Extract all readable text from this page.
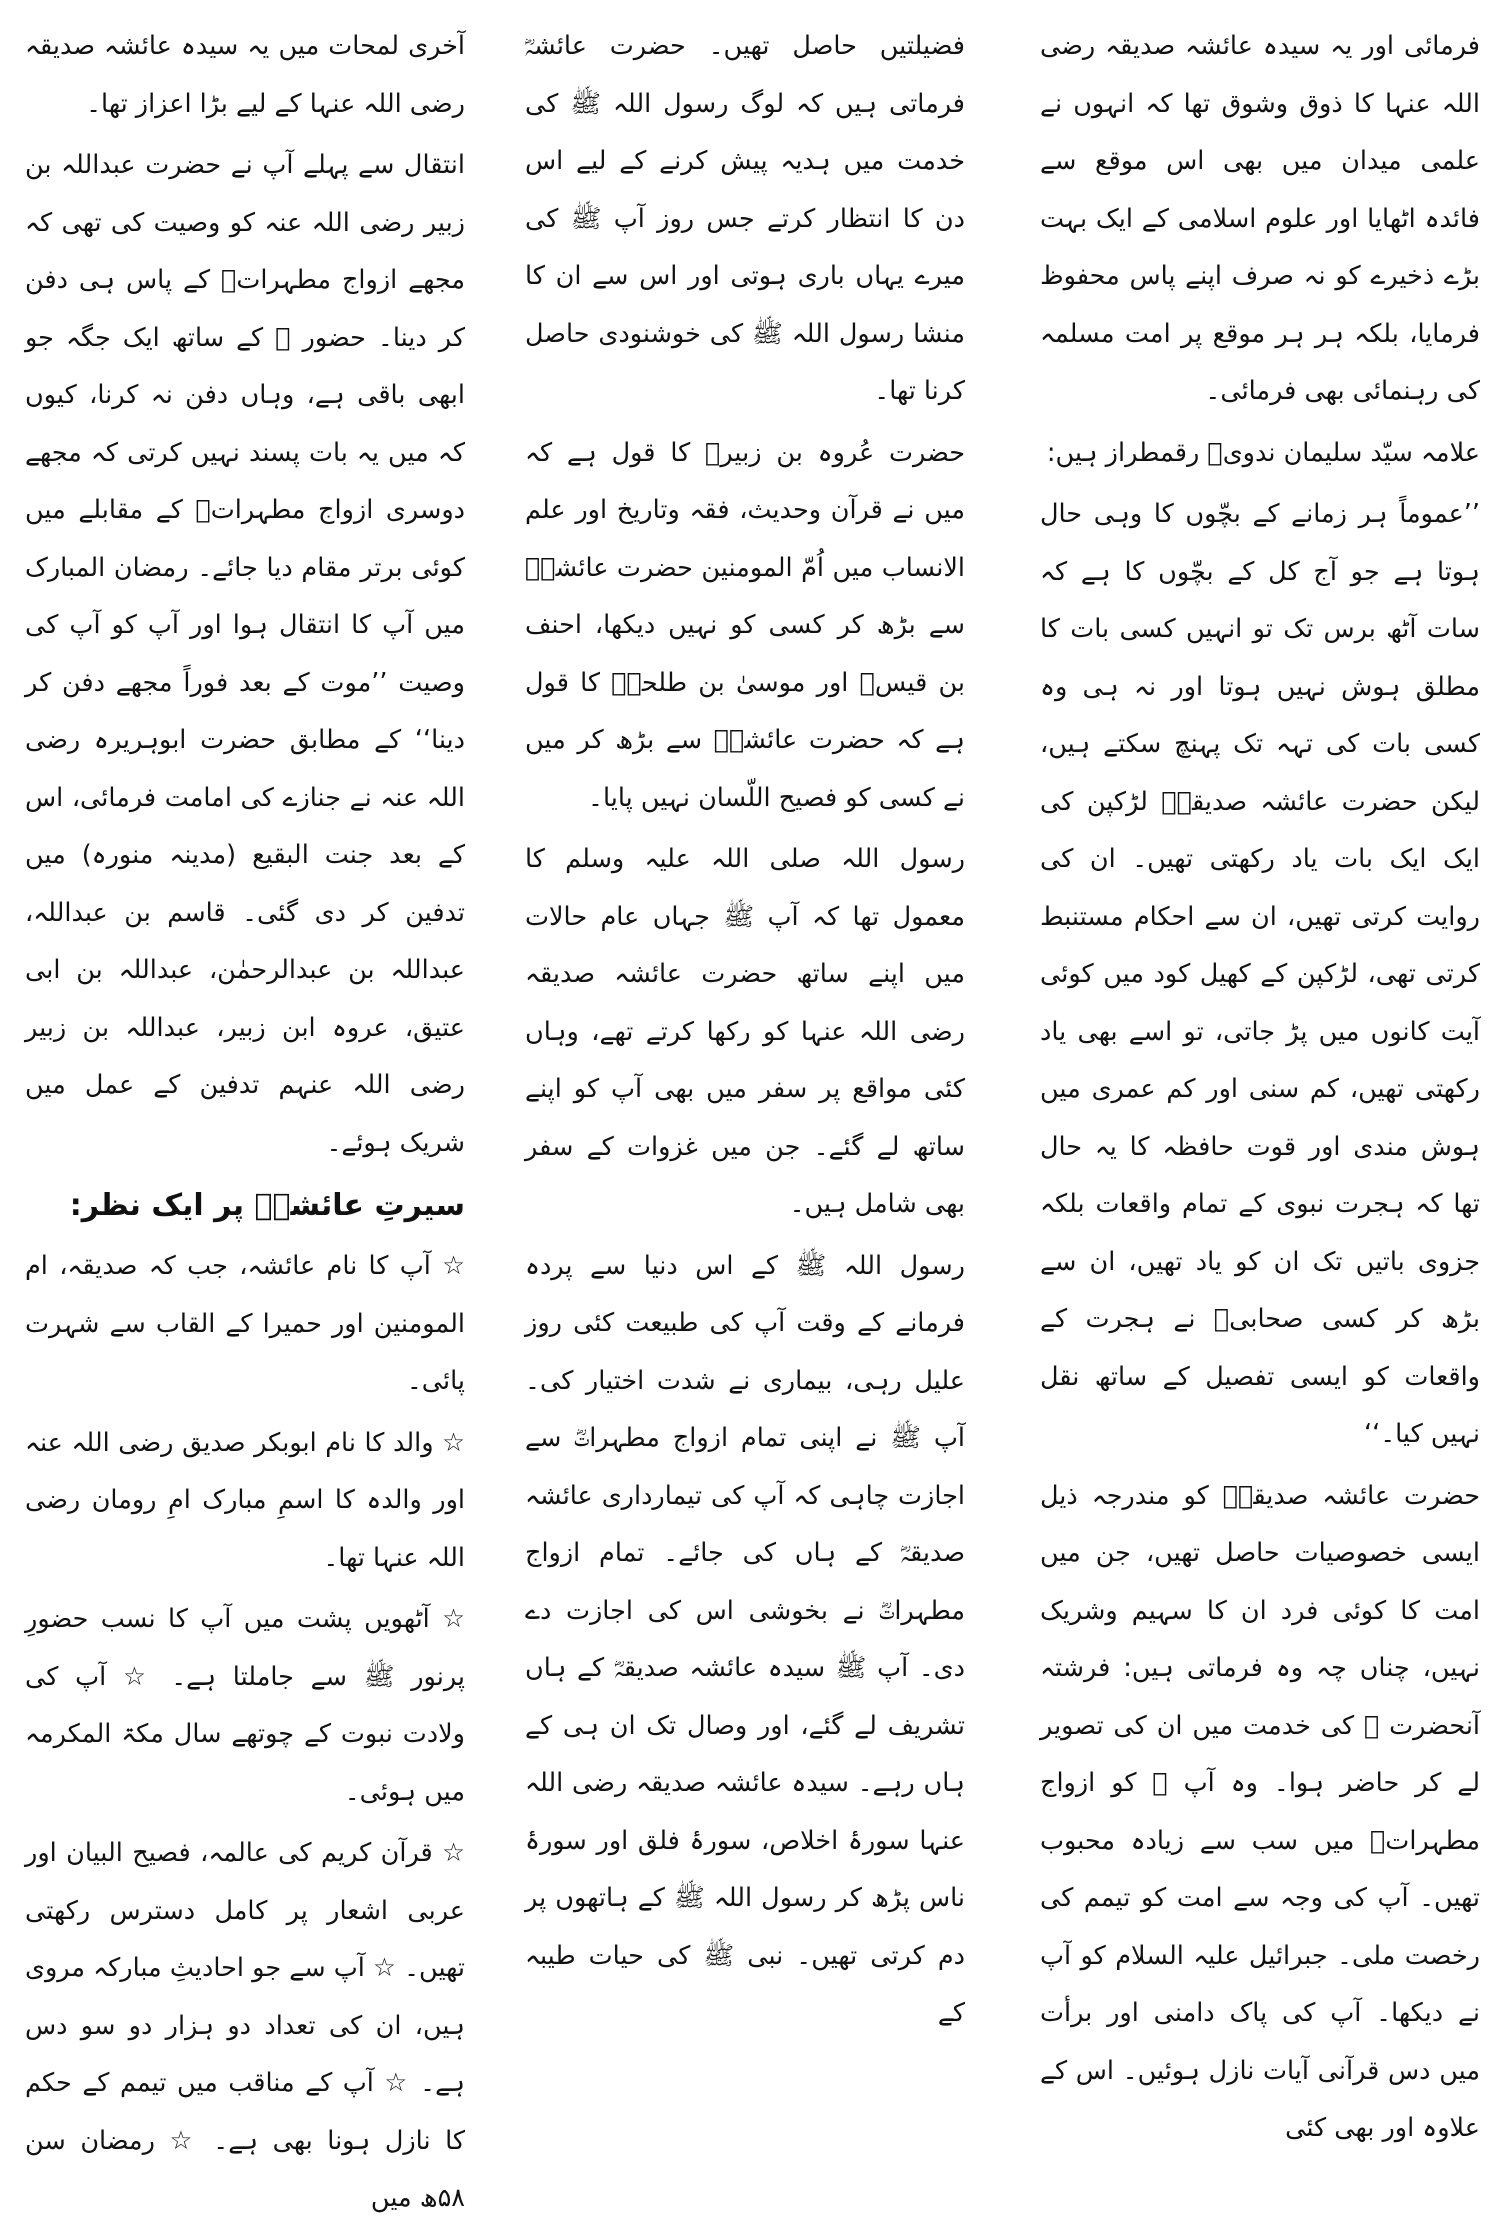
فرمائی اور یہ سیدہ عائشہ صدیقہ رضی اللہ عنہا کا ذوق وشوق تھا کہ انہوں نے علمی میدان میں بھی اس موقع سے فائدہ اٹھایا اور علوم اسلامی کے ایک بہت بڑے ذخیرے کو نہ صرف اپنے پاس محفوظ فرمایا، بلکہ ہر ہر موقع پر امت مسلمہ کی رہنمائی بھی فرمائی۔

علامہ سیّد سلیمان ندویؒ رقمطراز ہیں:

’’عموماً ہر زمانے کے بچّوں کا وہی حال ہوتا ہے جو آج کل کے بچّوں کا ہے کہ سات آٹھ برس تک تو انہیں کسی بات کا مطلق ہوش نہیں ہوتا اور نہ ہی وہ کسی بات کی تہہ تک پہنچ سکتے ہیں، لیکن حضرت عائشہ صدیقہؓ لڑکپن کی ایک ایک بات یاد رکھتی تھیں۔ ان کی روایت کرتی تھیں، ان سے احکام مستنبط کرتی تھی، لڑکپن کے کھیل کود میں کوئی آیت کانوں میں پڑ جاتی، تو اسے بھی یاد رکھتی تھیں، کم سنی اور کم عمری میں ہوش مندی اور قوت حافظہ کا یہ حال تھا کہ ہجرت نبوی کے تمام واقعات بلکہ جزوی باتیں تک ان کو یاد تھیں، ان سے بڑھ کر کسی صحابیؓ نے ہجرت کے واقعات کو ایسی تفصیل کے ساتھ نقل نہیں کیا۔‘‘

حضرت عائشہ صدیقہؓ کو مندرجہ ذیل ایسی خصوصیات حاصل تھیں، جن میں امت کا کوئی فرد ان کا سہیم وشریک نہیں، چناں چہ وہ فرماتی ہیں: فرشتہ آنحضرت ﷺ کی خدمت میں ان کی تصویر لے کر حاضر ہوا۔ وہ آپ ﷺ کو ازواج مطہراتؓ میں سب سے زیادہ محبوب تھیں۔ آپ کی وجہ سے امت کو تیمم کی رخصت ملی۔ جبرائیل علیہ السلام کو آپ نے دیکھا۔ آپ کی پاک دامنی اور برأت میں دس قرآنی آیات نازل ہوئیں۔ اس کے علاوہ اور بھی کئی

فضیلتیں حاصل تھیں۔ حضرت عائشہؓ فرماتی ہیں کہ لوگ رسول اللہ ﷺ کی خدمت میں ہدیہ پیش کرنے کے لیے اس دن کا انتظار کرتے جس روز آپ ﷺ کی میرے یہاں باری ہوتی اور اس سے ان کا منشا رسول اللہ ﷺ کی خوشنودی حاصل کرنا تھا۔

حضرت عُروہ بن زبیرؓ کا قول ہے کہ میں نے قرآن وحدیث، فقہ وتاریخ اور علم الانساب میں اُمّ المومنین حضرت عائشہؓ سے بڑھ کر کسی کو نہیں دیکھا، احنف بن قیسؒ اور موسیٰ بن طلحہؒ کا قول ہے کہ حضرت عائشہؓ سے بڑھ کر میں نے کسی کو فصیح اللّسان نہیں پایا۔

رسول اللہ صلی اللہ علیہ وسلم کا معمول تھا کہ آپ ﷺ جہاں عام حالات میں اپنے ساتھ حضرت عائشہ صدیقہ رضی اللہ عنہا کو رکھا کرتے تھے، وہاں کئی مواقع پر سفر میں بھی آپ کو اپنے ساتھ لے گئے۔ جن میں غزوات کے سفر بھی شامل ہیں۔

رسول اللہ ﷺ کے اس دنیا سے پردہ فرمانے کے وقت آپ کی طبیعت کئی روز علیل رہی، بیماری نے شدت اختیار کی۔ آپ ﷺ نے اپنی تمام ازواج مطہراتؓ سے اجازت چاہی کہ آپ کی تیمارداری عائشہ صدیقہؓ کے ہاں کی جائے۔ تمام ازواج مطہراتؓ نے بخوشی اس کی اجازت دے دی۔ آپ ﷺ سیدہ عائشہ صدیقہؓ کے ہاں تشریف لے گئے، اور وصال تک ان ہی کے ہاں رہے۔ سیدہ عائشہ صدیقہ رضی اللہ عنہا سورۂ اخلاص، سورۂ فلق اور سورۂ ناس پڑھ کر رسول اللہ ﷺ کے ہاتھوں پر دم کرتی تھیں۔ نبی ﷺ کی حیات طیبہ کے

آخری لمحات میں یہ سیدہ عائشہ صدیقہ رضی اللہ عنہا کے لیے بڑا اعزاز تھا۔

انتقال سے پہلے آپ نے حضرت عبداللہ بن زبیر رضی اللہ عنہ کو وصیت کی تھی کہ مجھے ازواج مطہراتؓ کے پاس ہی دفن کر دینا۔ حضور ﷺ کے ساتھ ایک جگہ جو ابھی باقی ہے، وہاں دفن نہ کرنا، کیوں کہ میں یہ بات پسند نہیں کرتی کہ مجھے دوسری ازواج مطہراتؓ کے مقابلے میں کوئی برتر مقام دیا جائے۔ رمضان المبارک میں آپ کا انتقال ہوا اور آپ کو آپ کی وصیت ’’موت کے بعد فوراً مجھے دفن کر دینا‘‘ کے مطابق حضرت ابوہریرہ رضی اللہ عنہ نے جنازے کی امامت فرمائی، اس کے بعد جنت البقیع (مدینہ منورہ) میں تدفین کر دی گئی۔ قاسم بن عبداللہ، عبداللہ بن عبدالرحمٰن، عبداللہ بن ابی عتیق، عروہ ابن زبیر، عبداللہ بن زبیر رضی اللہ عنہم تدفین کے عمل میں شریک ہوئے۔

سیرتِ عائشہؓ پر ایک نظر:

☆ آپ کا نام عائشہ، جب کہ صدیقہ، ام المومنین اور حمیرا کے القاب سے شہرت پائی۔

☆ والد کا نام ابوبکر صدیق رضی اللہ عنہ اور والدہ کا اسمِ مبارک امِ رومان رضی اللہ عنہا تھا۔

☆ آٹھویں پشت میں آپ کا نسب حضورِ پرنور ﷺ سے جاملتا ہے۔ ☆ آپ کی ولادت نبوت کے چوتھے سال مکۃ المکرمہ میں ہوئی۔

☆ قرآن کریم کی عالمہ، فصیح البیان اور عربی اشعار پر کامل دسترس رکھتی تھیں۔ ☆ آپ سے جو احادیثِ مبارکہ مروی ہیں، ان کی تعداد دو ہزار دو سو دس ہے۔ ☆ آپ کے مناقب میں تیمم کے حکم کا نازل ہونا بھی ہے۔ ☆ رمضان سن ۵۸ھ میں
